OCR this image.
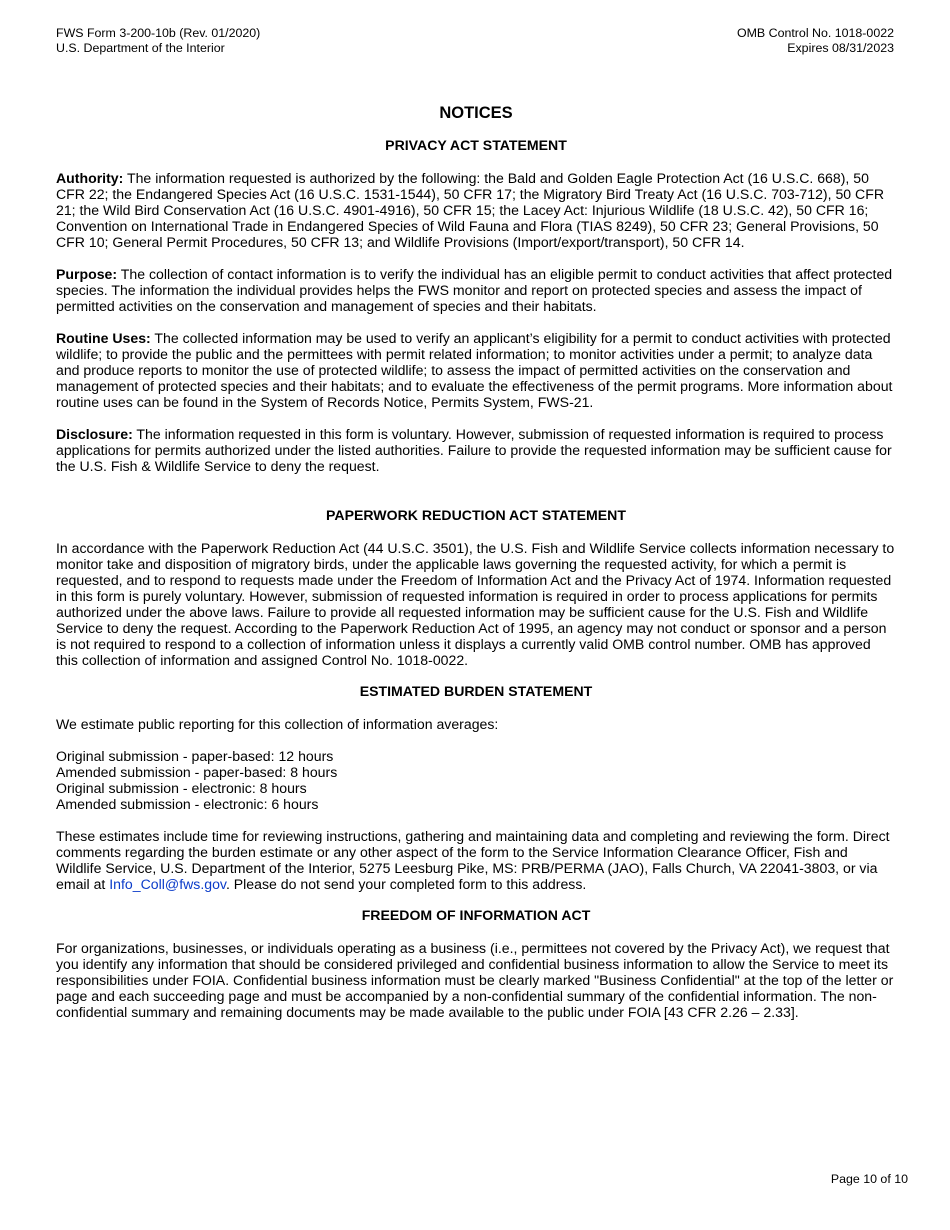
FWS Form 3-200-10b (Rev. 01/2020)
U.S. Department of the Interior
OMB Control No. 1018-0022
Expires 08/31/2023
NOTICES
PRIVACY ACT STATEMENT

Authority: The information requested is authorized by the following: the Bald and Golden Eagle Protection Act (16 U.S.C. 668), 50 CFR 22; the Endangered Species Act (16 U.S.C. 1531-1544), 50 CFR 17; the Migratory Bird Treaty Act (16 U.S.C. 703-712), 50 CFR 21; the Wild Bird Conservation Act (16 U.S.C. 4901-4916), 50 CFR 15; the Lacey Act: Injurious Wildlife (18 U.S.C. 42), 50 CFR 16; Convention on International Trade in Endangered Species of Wild Fauna and Flora (TIAS 8249), 50 CFR 23; General Provisions, 50 CFR 10; General Permit Procedures, 50 CFR 13; and Wildlife Provisions (Import/export/transport), 50 CFR 14.

Purpose: The collection of contact information is to verify the individual has an eligible permit to conduct activities that affect protected species. The information the individual provides helps the FWS monitor and report on protected species and assess the impact of permitted activities on the conservation and management of species and their habitats.

Routine Uses: The collected information may be used to verify an applicant’s eligibility for a permit to conduct activities with protected wildlife; to provide the public and the permittees with permit related information; to monitor activities under a permit; to analyze data and produce reports to monitor the use of protected wildlife; to assess the impact of permitted activities on the conservation and management of protected species and their habitats; and to evaluate the effectiveness of the permit programs. More information about routine uses can be found in the System of Records Notice, Permits System, FWS-21.

Disclosure: The information requested in this form is voluntary. However, submission of requested information is required to process applications for permits authorized under the listed authorities. Failure to provide the requested information may be sufficient cause for the U.S. Fish & Wildlife Service to deny the request.

PAPERWORK REDUCTION ACT STATEMENT

In accordance with the Paperwork Reduction Act (44 U.S.C. 3501), the U.S. Fish and Wildlife Service collects information necessary to monitor take and disposition of migratory birds, under the applicable laws governing the requested activity, for which a permit is requested, and to respond to requests made under the Freedom of Information Act and the Privacy Act of 1974. Information requested in this form is purely voluntary. However, submission of requested information is required in order to process applications for permits authorized under the above laws. Failure to provide all requested information may be sufficient cause for the U.S. Fish and Wildlife Service to deny the request. According to the Paperwork Reduction Act of 1995, an agency may not conduct or sponsor and a person is not required to respond to a collection of information unless it displays a currently valid OMB control number. OMB has approved this collection of information and assigned Control No. 1018-0022.

ESTIMATED BURDEN STATEMENT

We estimate public reporting for this collection of information averages:

Original submission - paper-based: 12 hours
Amended submission - paper-based: 8 hours
Original submission - electronic: 8 hours
Amended submission - electronic: 6 hours

These estimates include time for reviewing instructions, gathering and maintaining data and completing and reviewing the form. Direct comments regarding the burden estimate or any other aspect of the form to the Service Information Clearance Officer, Fish and Wildlife Service, U.S. Department of the Interior, 5275 Leesburg Pike, MS: PRB/PERMA (JAO), Falls Church, VA 22041-3803, or via email at Info_Coll@fws.gov. Please do not send your completed form to this address.

FREEDOM OF INFORMATION ACT

For organizations, businesses, or individuals operating as a business (i.e., permittees not covered by the Privacy Act), we request that you identify any information that should be considered privileged and confidential business information to allow the Service to meet its responsibilities under FOIA. Confidential business information must be clearly marked "Business Confidential" at the top of the letter or page and each succeeding page and must be accompanied by a non-confidential summary of the confidential information. The non-confidential summary and remaining documents may be made available to the public under FOIA [43 CFR 2.26 – 2.33].

Page 10 of 10
